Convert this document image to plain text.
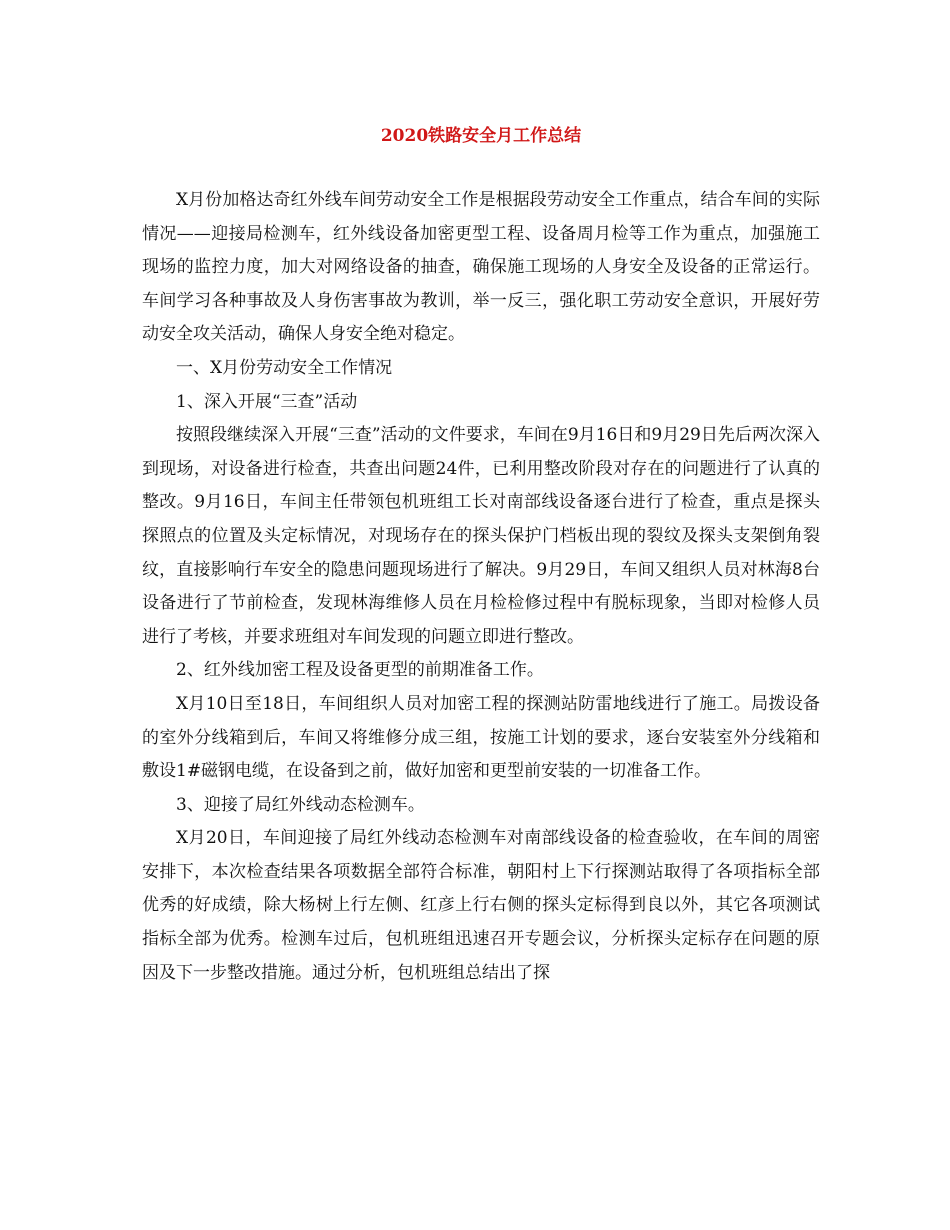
2020铁路安全月工作总结

X月份加格达奇红外线车间劳动安全工作是根据段劳动安全工作重点，结合车间的实际情况——迎接局检测车，红外线设备加密更型工程、设备周月检等工作为重点，加强施工现场的监控力度，加大对网络设备的抽查，确保施工现场的人身安全及设备的正常运行。车间学习各种事故及人身伤害事故为教训，举一反三，强化职工劳动安全意识，开展好劳动安全攻关活动，确保人身安全绝对稳定。

一、X月份劳动安全工作情况

1、深入开展“三查”活动

按照段继续深入开展“三查”活动的文件要求，车间在9月16日和9月29日先后两次深入到现场，对设备进行检查，共查出问题24件，已利用整改阶段对存在的问题进行了认真的整改。9月16日，车间主任带领包机班组工长对南部线设备逐台进行了检查，重点是探头探照点的位置及头定标情况，对现场存在的探头保护门档板出现的裂纹及探头支架倒角裂纹，直接影响行车安全的隐患问题现场进行了解决。9月29日，车间又组织人员对林海8台设备进行了节前检查，发现林海维修人员在月检检修过程中有脱标现象，当即对检修人员进行了考核，并要求班组对车间发现的问题立即进行整改。

2、红外线加密工程及设备更型的前期准备工作。

X月10日至18日，车间组织人员对加密工程的探测站防雷地线进行了施工。局拨设备的室外分线箱到后，车间又将维修分成三组，按施工计划的要求，逐台安装室外分线箱和敷设1#磁钢电缆，在设备到之前，做好加密和更型前安装的一切准备工作。

3、迎接了局红外线动态检测车。

X月20日，车间迎接了局红外线动态检测车对南部线设备的检查验收，在车间的周密安排下，本次检查结果各项数据全部符合标准，朝阳村上下行探测站取得了各项指标全部优秀的好成绩，除大杨树上行左侧、红彦上行右侧的探头定标得到良以外，其它各项测试指标全部为优秀。检测车过后，包机班组迅速召开专题会议，分析探头定标存在问题的原因及下一步整改措施。通过分析，包机班组总结出了探
